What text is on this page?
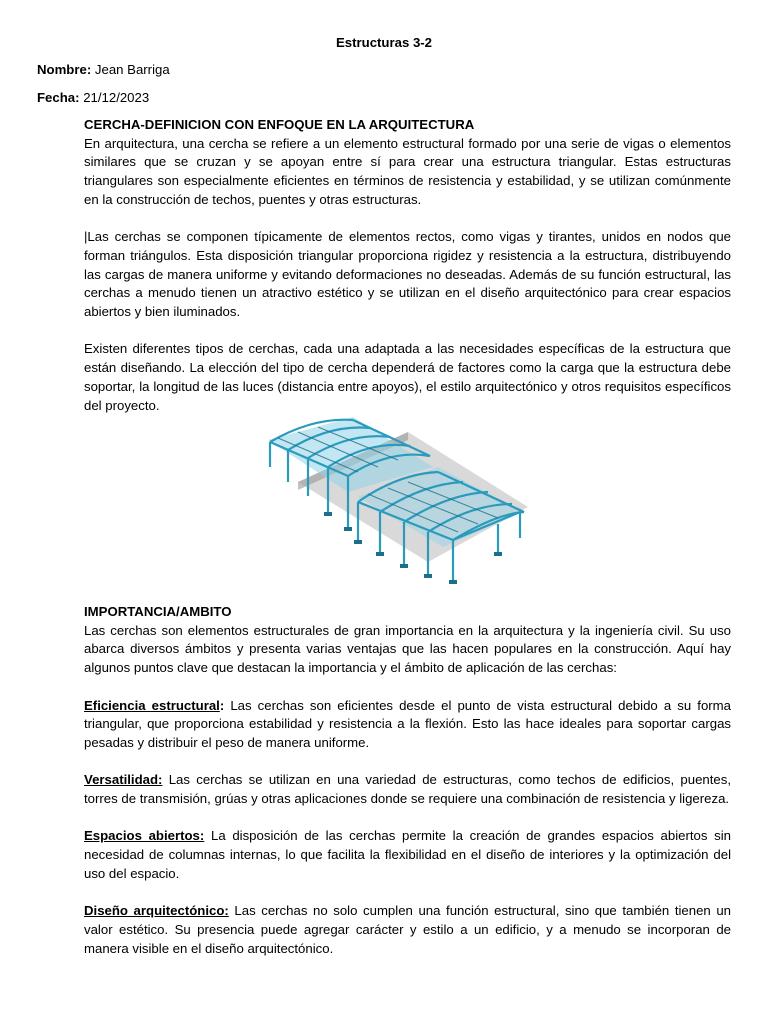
Estructuras 3-2
Nombre: Jean Barriga
Fecha: 21/12/2023
CERCHA-DEFINICION CON ENFOQUE EN LA ARQUITECTURA

En arquitectura, una cercha se refiere a un elemento estructural formado por una serie de vigas o elementos similares que se cruzan y se apoyan entre sí para crear una estructura triangular. Estas estructuras triangulares son especialmente eficientes en términos de resistencia y estabilidad, y se utilizan comúnmente en la construcción de techos, puentes y otras estructuras.

|Las cerchas se componen típicamente de elementos rectos, como vigas y tirantes, unidos en nodos que forman triángulos. Esta disposición triangular proporciona rigidez y resistencia a la estructura, distribuyendo las cargas de manera uniforme y evitando deformaciones no deseadas. Además de su función estructural, las cerchas a menudo tienen un atractivo estético y se utilizan en el diseño arquitectónico para crear espacios abiertos y bien iluminados.

Existen diferentes tipos de cerchas, cada una adaptada a las necesidades específicas de la estructura que están diseñando. La elección del tipo de cercha dependerá de factores como la carga que la estructura debe soportar, la longitud de las luces (distancia entre apoyos), el estilo arquitectónico y otros requisitos específicos del proyecto.

IMPORTANCIA/AMBITO

Las cerchas son elementos estructurales de gran importancia en la arquitectura y la ingeniería civil. Su uso abarca diversos ámbitos y presenta varias ventajas que las hacen populares en la construcción. Aquí hay algunos puntos clave que destacan la importancia y el ámbito de aplicación de las cerchas:

Eficiencia estructural: Las cerchas son eficientes desde el punto de vista estructural debido a su forma triangular, que proporciona estabilidad y resistencia a la flexión. Esto las hace ideales para soportar cargas pesadas y distribuir el peso de manera uniforme.

Versatilidad: Las cerchas se utilizan en una variedad de estructuras, como techos de edificios, puentes, torres de transmisión, grúas y otras aplicaciones donde se requiere una combinación de resistencia y ligereza.

Espacios abiertos: La disposición de las cerchas permite la creación de grandes espacios abiertos sin necesidad de columnas internas, lo que facilita la flexibilidad en el diseño de interiores y la optimización del uso del espacio.

Diseño arquitectónico: Las cerchas no solo cumplen una función estructural, sino que también tienen un valor estético. Su presencia puede agregar carácter y estilo a un edificio, y a menudo se incorporan de manera visible en el diseño arquitectónico.
